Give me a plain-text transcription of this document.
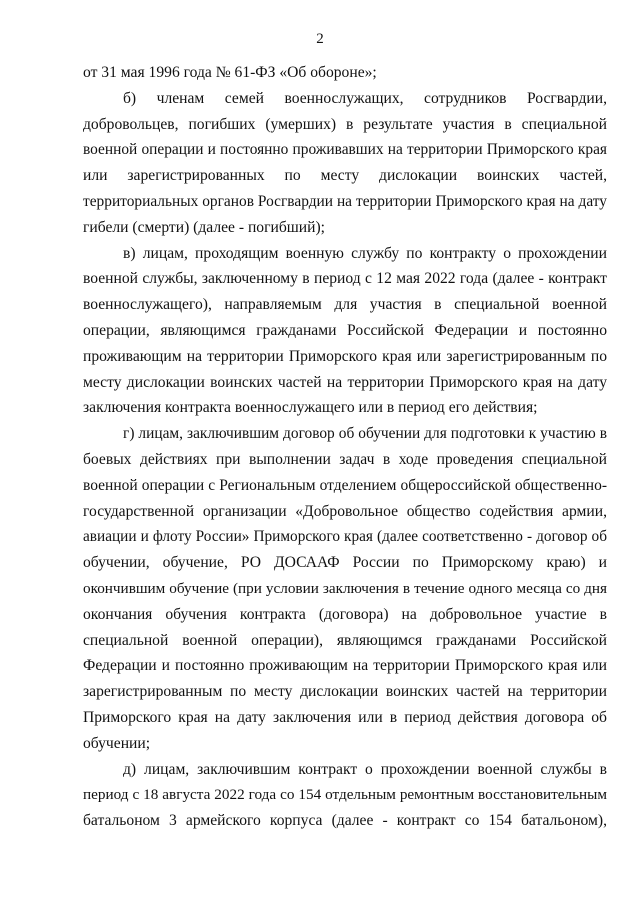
2
от 31 мая 1996 года № 61-ФЗ «Об обороне»;
б) членам семей военнослужащих, сотрудников Росгвардии,
добровольцев, погибших (умерших) в результате участия в специальной
военной операции и постоянно проживавших на территории Приморского края
или зарегистрированных по месту дислокации воинских частей,
территориальных органов Росгвардии на территории Приморского края на дату
гибели (смерти) (далее - погибший);
в) лицам, проходящим военную службу по контракту о прохождении
военной службы, заключенному в период с 12 мая 2022 года (далее - контракт
военнослужащего), направляемым для участия в специальной военной
операции, являющимся гражданами Российской Федерации и постоянно
проживающим на территории Приморского края или зарегистрированным по
месту дислокации воинских частей на территории Приморского края на дату
заключения контракта военнослужащего или в период его действия;
г) лицам, заключившим договор об обучении для подготовки к участию в
боевых действиях при выполнении задач в ходе проведения специальной
военной операции с Региональным отделением общероссийской общественно-
государственной организации «Добровольное общество содействия армии,
авиации и флоту России» Приморского края (далее соответственно - договор об
обучении, обучение, РО ДОСААФ России по Приморскому краю) и
окончившим обучение (при условии заключения в течение одного месяца со дня
окончания обучения контракта (договора) на добровольное участие в
специальной военной операции), являющимся гражданами Российской
Федерации и постоянно проживающим на территории Приморского края или
зарегистрированным по месту дислокации воинских частей на территории
Приморского края на дату заключения или в период действия договора об
обучении;
д) лицам, заключившим контракт о прохождении военной службы в
период с 18 августа 2022 года со 154 отдельным ремонтным восстановительным
батальоном 3 армейского корпуса (далее - контракт со 154 батальоном),
